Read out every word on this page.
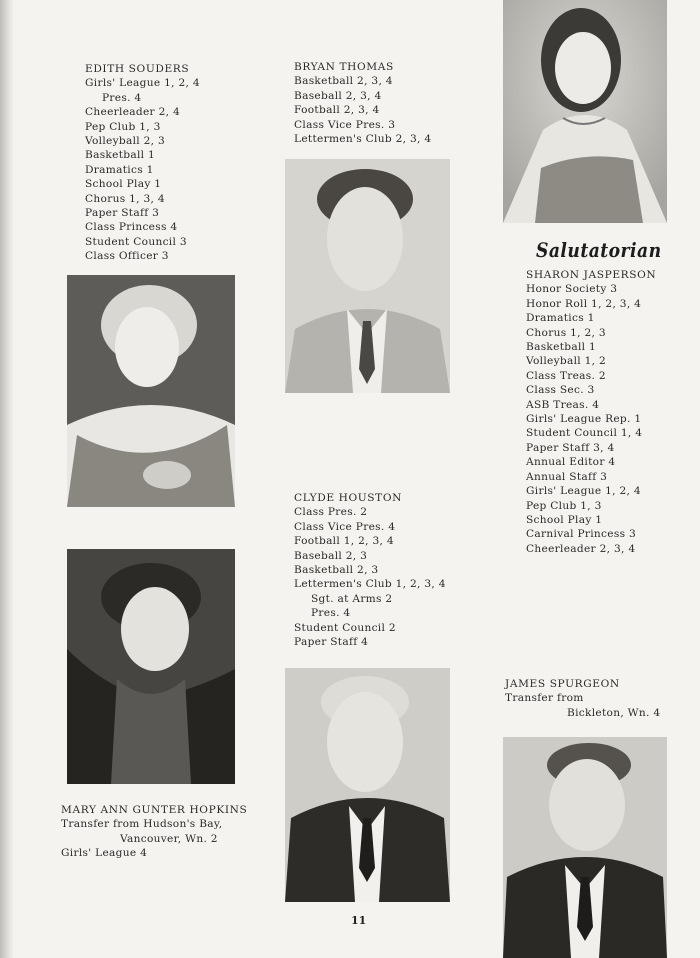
EDITH SOUDERS
Girls' League 1, 2, 4
Pres. 4
Cheerleader 2, 4
Pep Club 1, 3
Volleyball 2, 3
Basketball 1
Dramatics 1
School Play 1
Chorus 1, 3, 4
Paper Staff 3
Class Princess 4
Student Council 3
Class Officer 3
BRYAN THOMAS
Basketball 2, 3, 4
Baseball 2, 3, 4
Football 2, 3, 4
Class Vice Pres. 3
Lettermen's Club 2, 3, 4
Salutatorian
SHARON JASPERSON
Honor Society 3
Honor Roll 1, 2, 3, 4
Dramatics 1
Chorus 1, 2, 3
Basketball 1
Volleyball 1, 2
Class Treas. 2
Class Sec. 3
ASB Treas. 4
Girls' League Rep. 1
Student Council 1, 4
Paper Staff 3, 4
Annual Editor 4
Annual Staff 3
Girls' League 1, 2, 4
Pep Club 1, 3
School Play 1
Carnival Princess 3
Cheerleader 2, 3, 4
CLYDE HOUSTON
Class Pres. 2
Class Vice Pres. 4
Football 1, 2, 3, 4
Baseball 2, 3
Basketball 2, 3
Lettermen's Club 1, 2, 3, 4
Sgt. at Arms 2
Pres. 4
Student Council 2
Paper Staff 4
JAMES SPURGEON
Transfer from
Bickleton, Wn. 4
MARY ANN GUNTER HOPKINS
Transfer from Hudson's Bay,
Vancouver, Wn. 2
Girls' League 4
11
